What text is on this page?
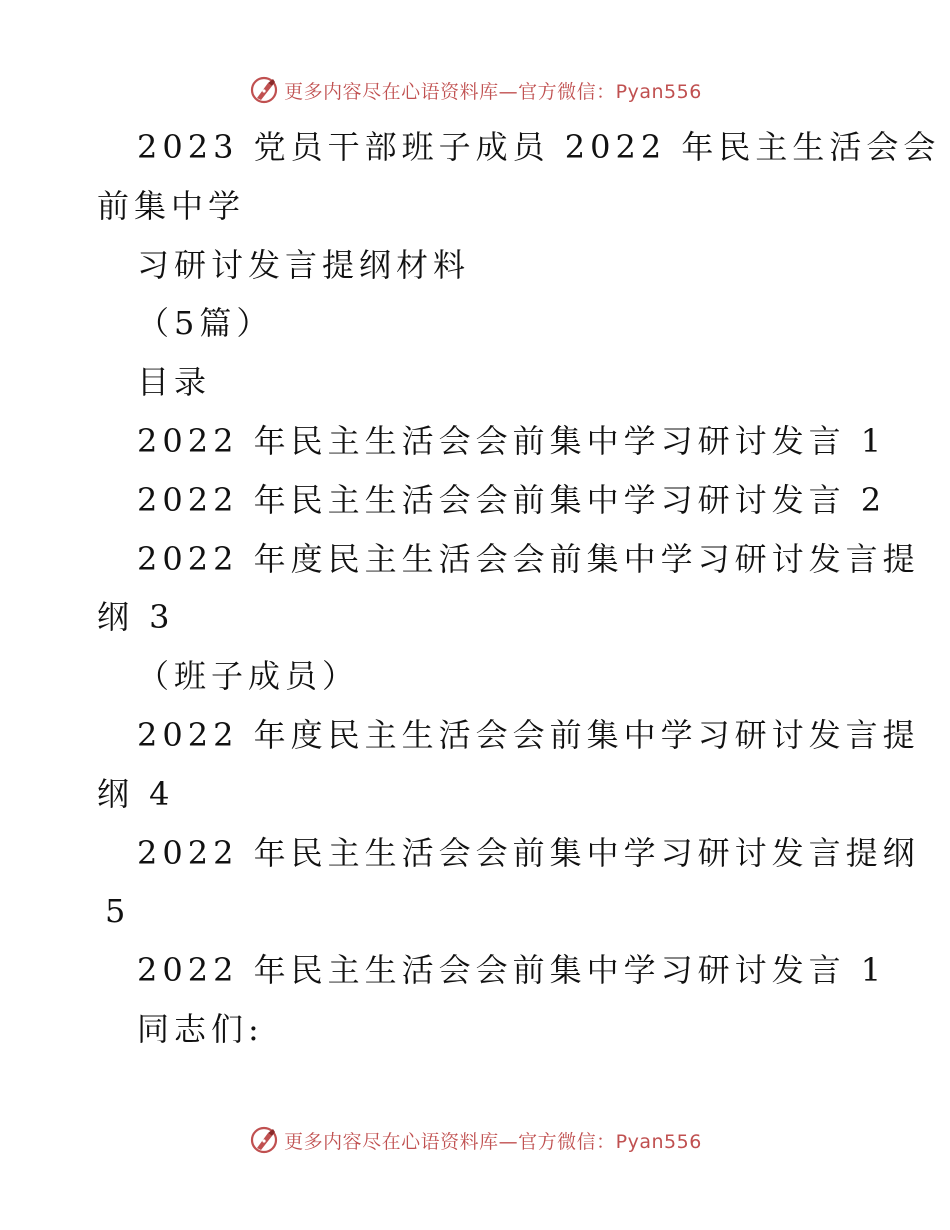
更多内容尽在心语资料库—官方微信：Pyan556
2023 党员干部班子成员 2022 年民主生活会会
前集中学
习研讨发言提纲材料
（5篇）
目录
2022 年民主生活会会前集中学习研讨发言 1
2022 年民主生活会会前集中学习研讨发言 2
2022 年度民主生活会会前集中学习研讨发言提
纲 3
（班子成员）
2022 年度民主生活会会前集中学习研讨发言提
纲 4
2022 年民主生活会会前集中学习研讨发言提纲
5
2022 年民主生活会会前集中学习研讨发言 1
同志们:
更多内容尽在心语资料库—官方微信：Pyan556
